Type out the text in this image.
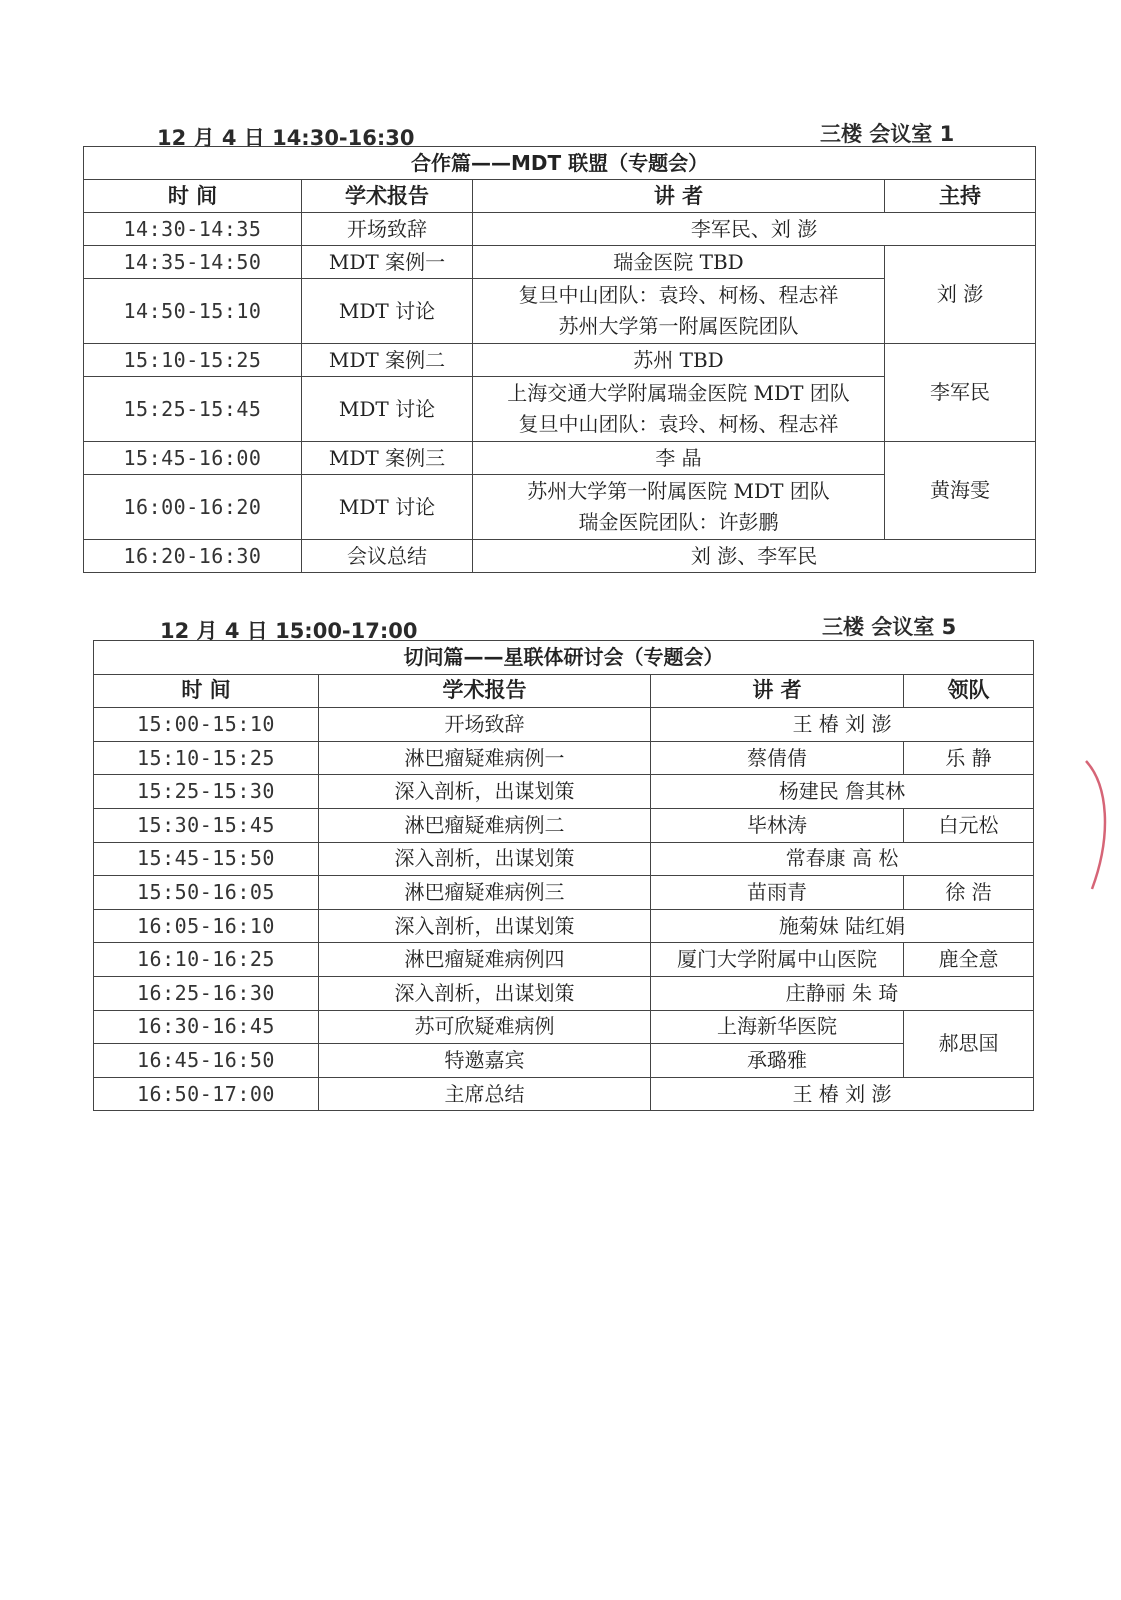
12 月 4 日 14:30-16:30	三楼 会议室 1
合作篇——MDT 联盟（专题会）			
时 间	学术报告	讲 者	主持
14:30-14:35	开场致辞	李军民、刘 澎	
14:35-14:50	MDT 案例一	瑞金医院 TBD	刘 澎
14:50-15:10	MDT 讨论	复旦中山团队：袁玲、柯杨、程志祥
苏州大学第一附属医院团队	

15:10-15:25	MDT 案例二	苏州 TBD	李军民
15:25-15:45	MDT 讨论	上海交通大学附属瑞金医院 MDT 团队
复旦中山团队：袁玲、柯杨、程志祥	

15:45-16:00	MDT 案例三	李 晶	黄海雯
16:00-16:20	MDT 讨论	苏州大学第一附属医院 MDT 团队
瑞金医院团队：许彭鹏	

16:20-16:30	会议总结	刘 澎、李军民	
12 月 4 日 15:00-17:00	三楼 会议室 5
切问篇——星联体研讨会（专题会）			
时 间	学术报告	讲 者	领队
15:00-15:10	开场致辞	王 椿 刘 澎	
15:10-15:25	淋巴瘤疑难病例一	蔡倩倩	乐 静
15:25-15:30	深入剖析，出谋划策	杨建民 詹其林	
15:30-15:45	淋巴瘤疑难病例二	毕林涛	白元松
15:45-15:50	深入剖析，出谋划策	常春康 高 松	
15:50-16:05	淋巴瘤疑难病例三	苗雨青	徐 浩
16:05-16:10	深入剖析，出谋划策	施菊妹 陆红娟	
16:10-16:25	淋巴瘤疑难病例四	厦门大学附属中山医院	鹿全意
16:25-16:30	深入剖析，出谋划策	庄静丽 朱 琦	
16:30-16:45	苏可欣疑难病例	上海新华医院	郝思国
16:45-16:50	特邀嘉宾	承璐雅	
16:50-17:00	主席总结	王 椿 刘 澎	
